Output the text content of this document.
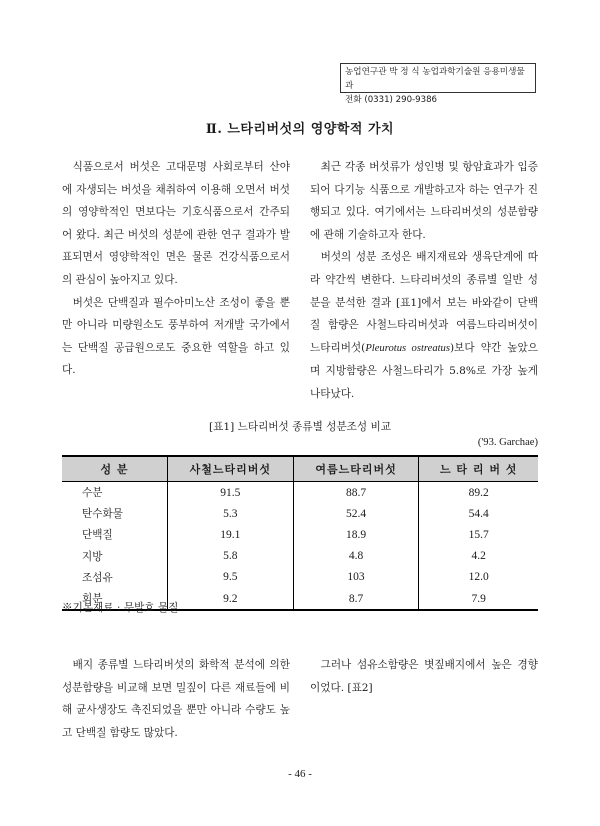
농업연구관 박 정 식 농업과학기술원 응용미생물과
전화 (0331) 290-9386
Ⅱ. 느타리버섯의 영양학적 가치

식품으로서 버섯은 고대문명 사회로부터 산야에 자생되는 버섯을 채취하여 이용해 오면서 버섯의 영양학적인 면보다는 기호식품으로서 간주되어 왔다. 최근 버섯의 성분에 관한 연구 결과가 발표되면서 영양학적인 면은 물론 건강식품으로서의 관심이 높아지고 있다.

버섯은 단백질과 필수아미노산 조성이 좋을 뿐만 아니라 미량원소도 풍부하여 저개발 국가에서는 단백질 공급원으로도 중요한 역할을 하고 있다.

최근 각종 버섯류가 성인병 및 항암효과가 입증되어 다기능 식품으로 개발하고자 하는 연구가 진행되고 있다. 여기에서는 느타리버섯의 성분함량에 관해 기술하고자 한다.

버섯의 성분 조성은 배지재료와 생육단계에 따라 약간씩 변한다. 느타리버섯의 종류별 일반 성분을 분석한 결과 [표1]에서 보는 바와같이 단백질 함량은 사철느타리버섯과 여름느타리버섯이 느타리버섯(Pleurotus ostreatus)보다 약간 높았으며 지방함량은 사철느타리가 5.8%로 가장 높게 나타났다.

[표1] 느타리버섯 종류별 성분조성 비교
('93. Garchae)
성 분	사철느타리버섯	여름느타리버섯	느 타 리 버 섯
수분	91.5	88.7	89.2
탄수화물	5.3	52.4	54.4
단백질	19.1	18.9	15.7
지방	5.8	4.8	4.2
조섬유	9.5	103	12.0
회분	9.2	8.7	7.9
※기본재료 : 무발효 물질

배지 종류별 느타리버섯의 화학적 분석에 의한 성분함량을 비교해 보면 밀짚이 다른 재료들에 비해 균사생장도 촉진되었을 뿐만 아니라 수량도 높고 단백질 함량도 많았다.

그러나 섬유소함량은 볏짚배지에서 높은 경향이었다. [표2]

- 46 -
